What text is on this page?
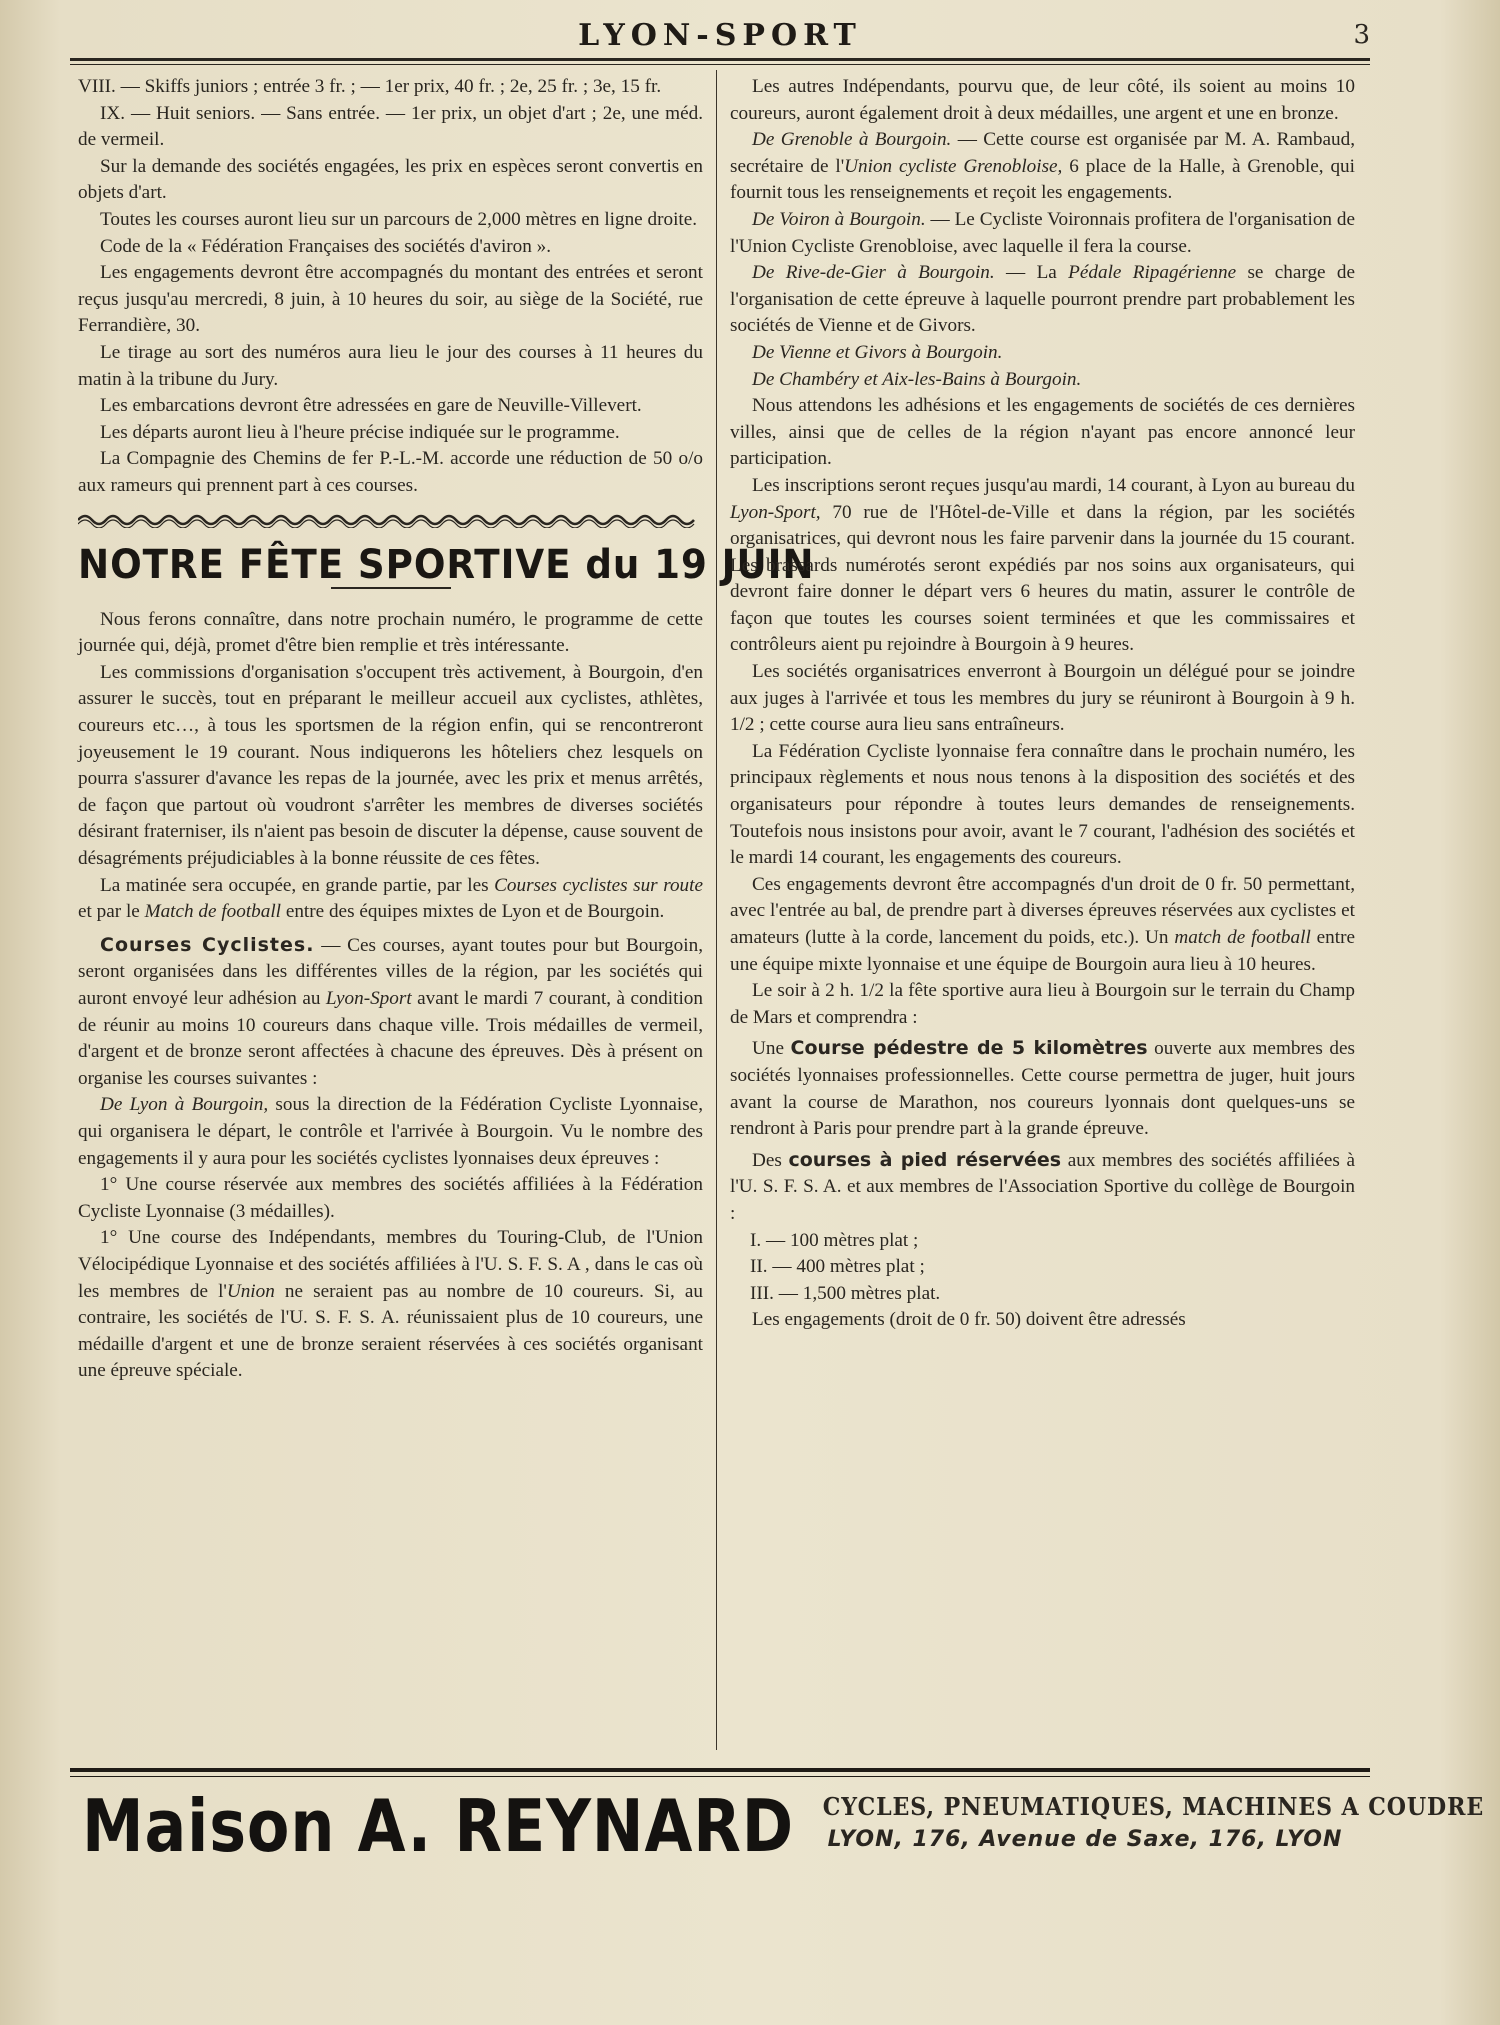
LYON-SPORT	3

VIII. — Skiffs juniors ; entrée 3 fr. ; — 1er prix, 40 fr. ; 2e, 25 fr. ; 3e, 15 fr.

IX. — Huit seniors. — Sans entrée. — 1er prix, un objet d'art ; 2e, une méd. de vermeil.

Sur la demande des sociétés engagées, les prix en espèces seront convertis en objets d'art.

Toutes les courses auront lieu sur un parcours de 2,000 mètres en ligne droite.

Code de la « Fédération Françaises des sociétés d'aviron ».

Les engagements devront être accompagnés du montant des entrées et seront reçus jusqu'au mercredi, 8 juin, à 10 heures du soir, au siège de la Société, rue Ferrandière, 30.

Le tirage au sort des numéros aura lieu le jour des courses à 11 heures du matin à la tribune du Jury.

Les embarcations devront être adressées en gare de Neuville-Villevert.

Les départs auront lieu à l'heure précise indiquée sur le programme.

La Compagnie des Chemins de fer P.-L.-M. accorde une réduction de 50 o/o aux rameurs qui prennent part à ces courses.

NOTRE FÊTE SPORTIVE du 19 JUIN

Nous ferons connaître, dans notre prochain numéro, le programme de cette journée qui, déjà, promet d'être bien remplie et très intéressante.

Les commissions d'organisation s'occupent très activement, à Bourgoin, d'en assurer le succès, tout en préparant le meilleur accueil aux cyclistes, athlètes, coureurs etc…, à tous les sportsmen de la région enfin, qui se rencontreront joyeusement le 19 courant. Nous indiquerons les hôteliers chez lesquels on pourra s'assurer d'avance les repas de la journée, avec les prix et menus arrêtés, de façon que partout où voudront s'arrêter les membres de diverses sociétés désirant fraterniser, ils n'aient pas besoin de discuter la dépense, cause souvent de désagréments préjudiciables à la bonne réussite de ces fêtes.

La matinée sera occupée, en grande partie, par les Courses cyclistes sur route et par le Match de football entre des équipes mixtes de Lyon et de Bourgoin.

Courses Cyclistes. — Ces courses, ayant toutes pour but Bourgoin, seront organisées dans les différentes villes de la région, par les sociétés qui auront envoyé leur adhésion au Lyon-Sport avant le mardi 7 courant, à condition de réunir au moins 10 coureurs dans chaque ville. Trois médailles de vermeil, d'argent et de bronze seront affectées à chacune des épreuves. Dès à présent on organise les courses suivantes :

De Lyon à Bourgoin, sous la direction de la Fédération Cycliste Lyonnaise, qui organisera le départ, le contrôle et l'arrivée à Bourgoin. Vu le nombre des engagements il y aura pour les sociétés cyclistes lyonnaises deux épreuves :

1° Une course réservée aux membres des sociétés affiliées à la Fédération Cycliste Lyonnaise (3 médailles).

1° Une course des Indépendants, membres du Touring-Club, de l'Union Vélocipédique Lyonnaise et des sociétés affiliées à l'U. S. F. S. A , dans le cas où les membres de l'Union ne seraient pas au nombre de 10 coureurs. Si, au contraire, les sociétés de l'U. S. F. S. A. réunissaient plus de 10 coureurs, une médaille d'argent et une de bronze seraient réservées à ces sociétés organisant une épreuve spéciale.

Les autres Indépendants, pourvu que, de leur côté, ils soient au moins 10 coureurs, auront également droit à deux médailles, une argent et une en bronze.

De Grenoble à Bourgoin. — Cette course est organisée par M. A. Rambaud, secrétaire de l'Union cycliste Grenobloise, 6 place de la Halle, à Grenoble, qui fournit tous les renseignements et reçoit les engagements.

De Voiron à Bourgoin. — Le Cycliste Voironnais profitera de l'organisation de l'Union Cycliste Grenobloise, avec laquelle il fera la course.

De Rive-de-Gier à Bourgoin. — La Pédale Ripagérienne se charge de l'organisation de cette épreuve à laquelle pourront prendre part probablement les sociétés de Vienne et de Givors.

De Vienne et Givors à Bourgoin.

De Chambéry et Aix-les-Bains à Bourgoin.

Nous attendons les adhésions et les engagements de sociétés de ces dernières villes, ainsi que de celles de la région n'ayant pas encore annoncé leur participation.

Les inscriptions seront reçues jusqu'au mardi, 14 courant, à Lyon au bureau du Lyon-Sport, 70 rue de l'Hôtel-de-Ville et dans la région, par les sociétés organisatrices, qui devront nous les faire parvenir dans la journée du 15 courant. Les brassards numérotés seront expédiés par nos soins aux organisateurs, qui devront faire donner le départ vers 6 heures du matin, assurer le contrôle de façon que toutes les courses soient terminées et que les commissaires et contrôleurs aient pu rejoindre à Bourgoin à 9 heures.

Les sociétés organisatrices enverront à Bourgoin un délégué pour se joindre aux juges à l'arrivée et tous les membres du jury se réuniront à Bourgoin à 9 h. 1/2 ; cette course aura lieu sans entraîneurs.

La Fédération Cycliste lyonnaise fera connaître dans le prochain numéro, les principaux règlements et nous nous tenons à la disposition des sociétés et des organisateurs pour répondre à toutes leurs demandes de renseignements. Toutefois nous insistons pour avoir, avant le 7 courant, l'adhésion des sociétés et le mardi 14 courant, les engagements des coureurs.

Ces engagements devront être accompagnés d'un droit de 0 fr. 50 permettant, avec l'entrée au bal, de prendre part à diverses épreuves réservées aux cyclistes et amateurs (lutte à la corde, lancement du poids, etc.). Un match de football entre une équipe mixte lyonnaise et une équipe de Bourgoin aura lieu à 10 heures.

Le soir à 2 h. 1/2 la fête sportive aura lieu à Bourgoin sur le terrain du Champ de Mars et comprendra :

Une Course pédestre de 5 kilomètres ouverte aux membres des sociétés lyonnaises professionnelles. Cette course permettra de juger, huit jours avant la course de Marathon, nos coureurs lyonnais dont quelques-uns se rendront à Paris pour prendre part à la grande épreuve.

Des courses à pied réservées aux membres des sociétés affiliées à l'U. S. F. S. A. et aux membres de l'Association Sportive du collège de Bourgoin :

I. — 100 mètres plat ;

II. — 400 mètres plat ;

III. — 1,500 mètres plat.

Les engagements (droit de 0 fr. 50) doivent être adressés

Maison A. REYNARD CYCLES, PNEUMATIQUES, MACHINES A COUDRE
LYON, 176, Avenue de Saxe, 176, LYON
